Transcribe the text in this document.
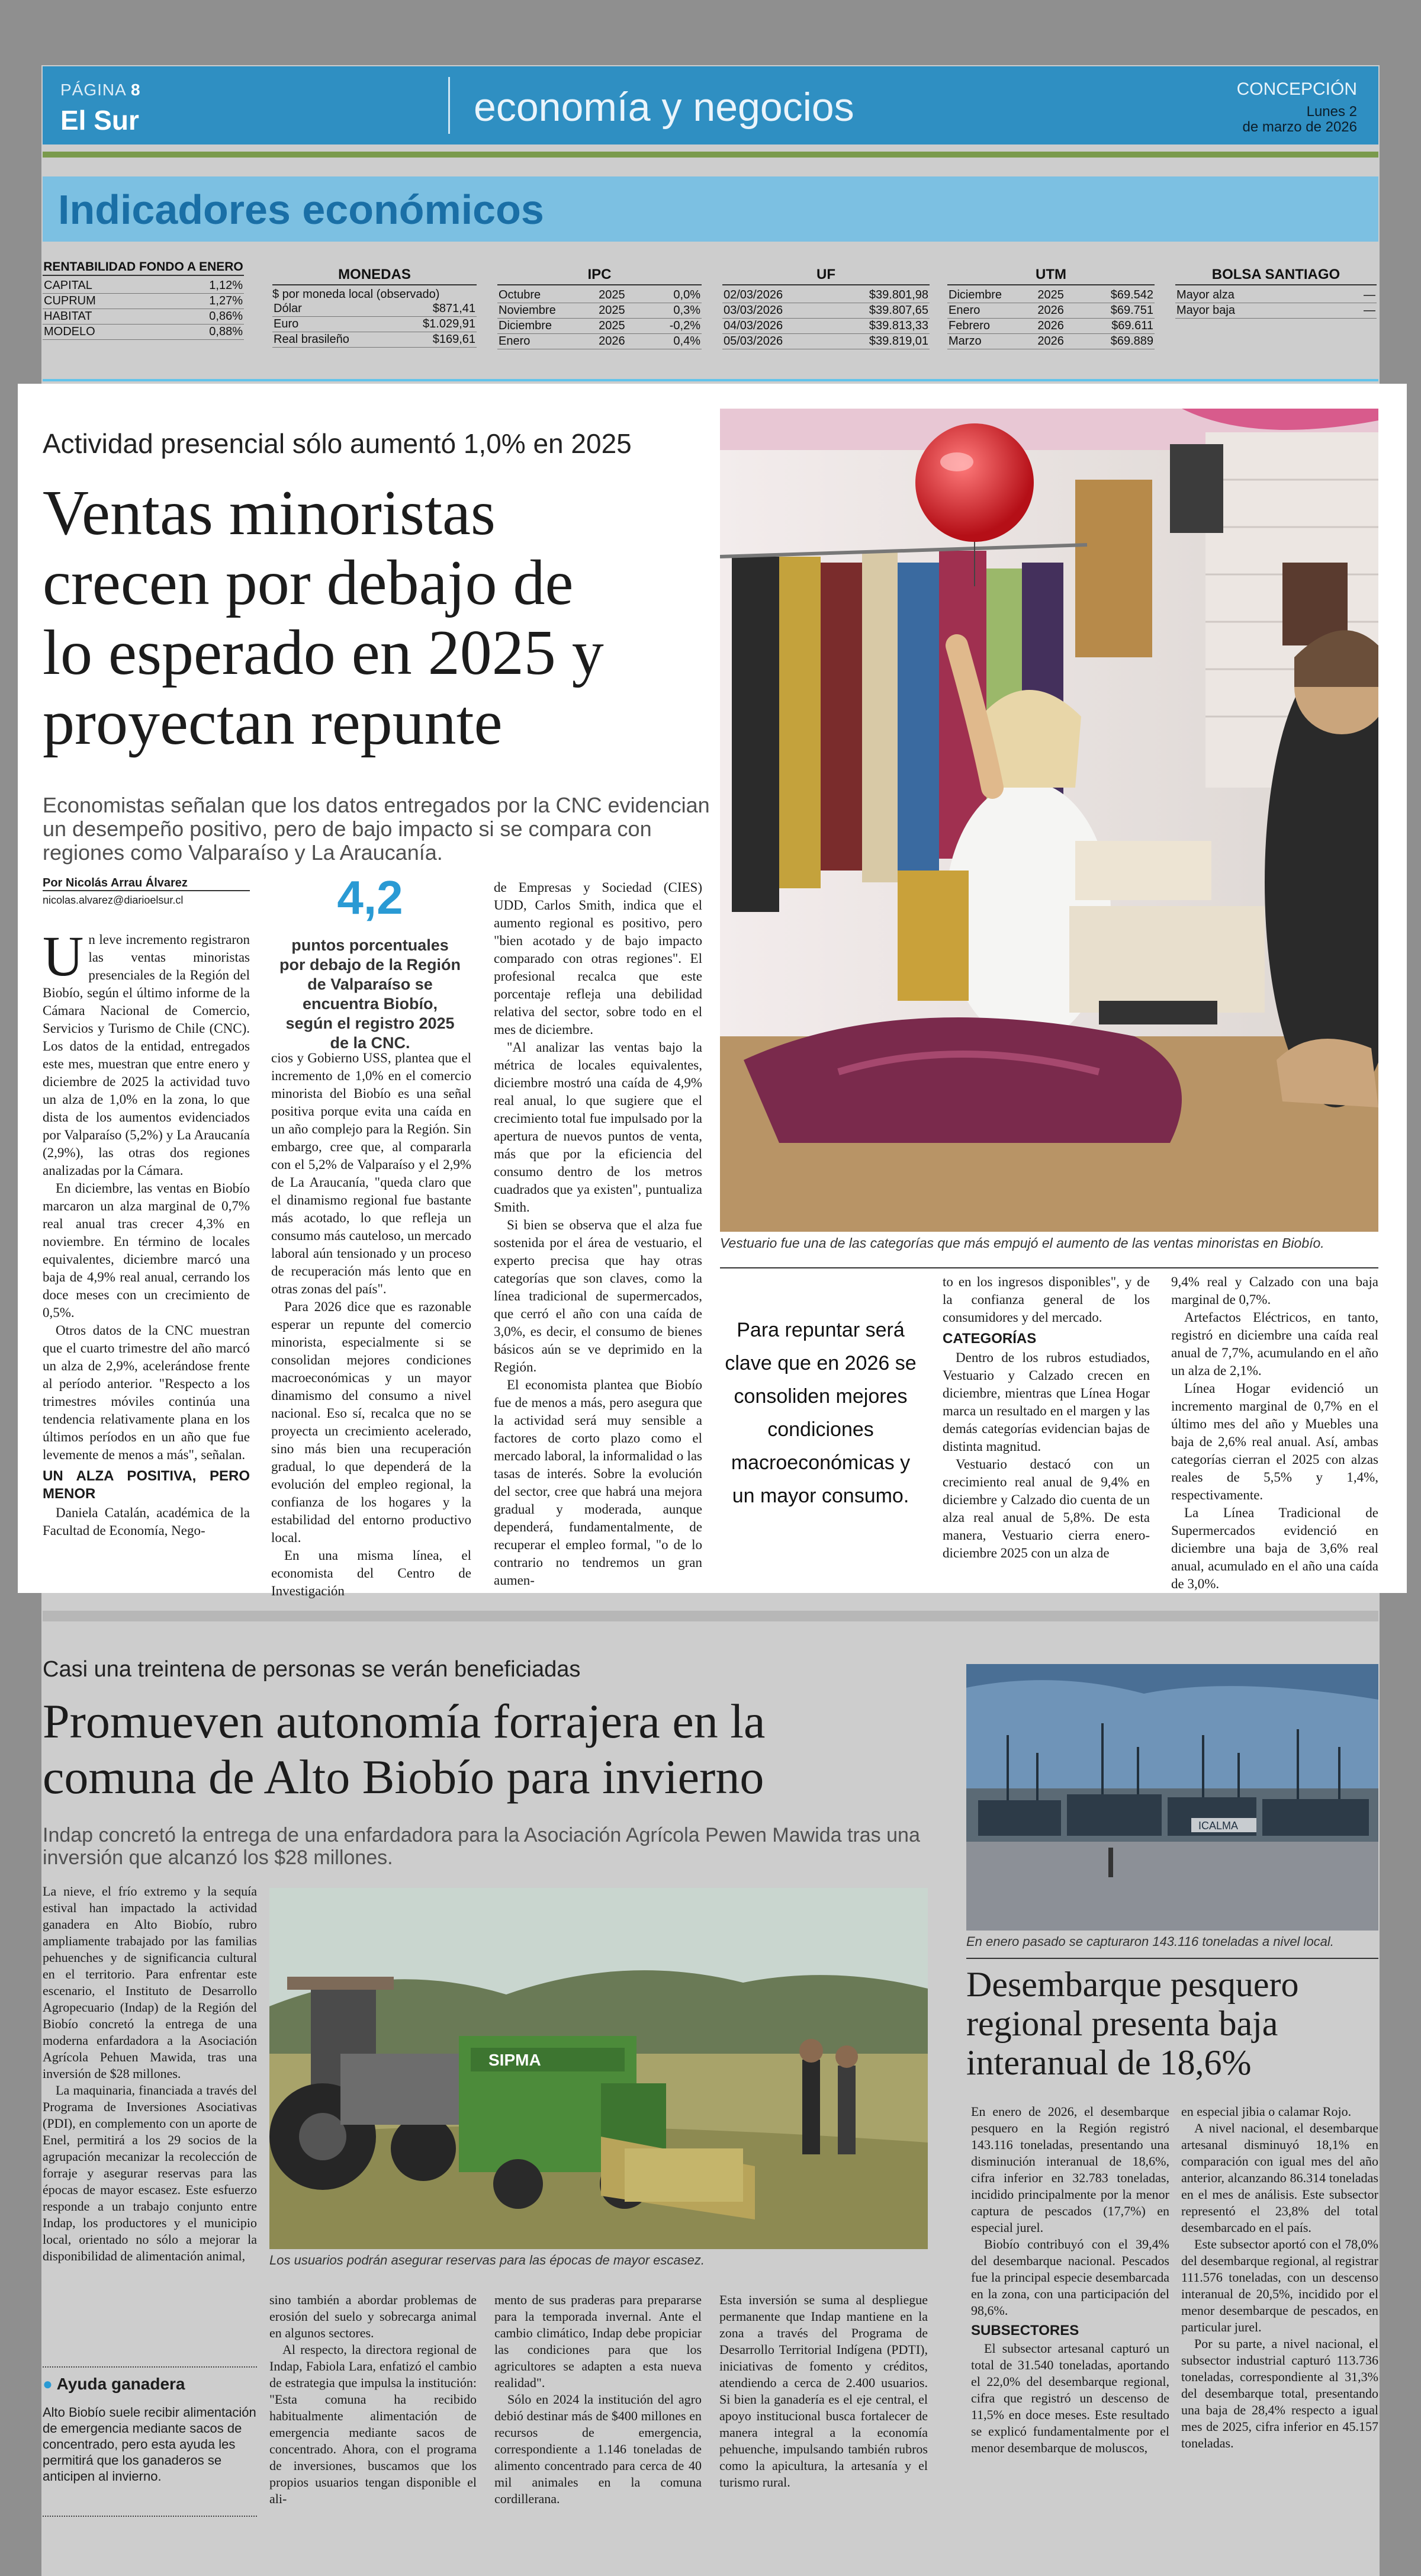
PÁGINA 8
El Sur	economía y negocios	CONCEPCIÓN
Lunes 2
de marzo de 2026
Indicadores económicos
RENTABILIDAD FONDO A ENERO
CAPITAL	1,12%
CUPRUM	1,27%
HABITAT	0,86%
MODELO	0,88%
MONEDAS
$ por moneda local (observado)
Dólar	$871,41
Euro	$1.029,91
Real brasileño	$169,61
IPC
Octubre	2025	0,0%
Noviembre	2025	0,3%
Diciembre	2025	-0,2%
Enero	2026	0,4%
UF
02/03/2026	$39.801,98
03/03/2026	$39.807,65
04/03/2026	$39.813,33
05/03/2026	$39.819,01
UTM
Diciembre	2025	$69.542
Enero	2026	$69.751
Febrero	2026	$69.611
Marzo	2026	$69.889
BOLSA SANTIAGO
Mayor alza	—
Mayor baja	—
Actividad presencial sólo aumentó 1,0% en 2025
Ventas minoristas
crecen por debajo de
lo esperado en 2025 y
proyectan repunte
Economistas señalan que los datos entregados por la CNC evidencian un desempeño positivo, pero de bajo impacto si se compara con regiones como Valparaíso y La Araucanía.
Por Nicolás Arrau Álvarez
nicolas.alvarez@diarioelsur.cl	4,2
puntos porcentuales por debajo de la Región de Valparaíso se encuentra Biobío, según el registro 2025 de la CNC.

Un leve incremento registraron las ventas minoristas presenciales de la Región del Biobío, según el último informe de la Cámara Nacional de Comercio, Servicios y Turismo de Chile (CNC). Los datos de la entidad, entregados este mes, muestran que entre enero y diciembre de 2025 la actividad tuvo un alza de 1,0% en la zona, lo que dista de los aumentos evidenciados por Valparaíso (5,2%) y La Araucanía (2,9%), las otras dos regiones analizadas por la Cámara.

En diciembre, las ventas en Biobío marcaron un alza marginal de 0,7% real anual tras crecer 4,3% en noviembre. En término de locales equivalentes, diciembre marcó una baja de 4,9% real anual, cerrando los doce meses con un crecimiento de 0,5%.

Otros datos de la CNC muestran que el cuarto trimestre del año marcó un alza de 2,9%, acelerándose frente al período anterior. "Respecto a los trimestres móviles continúa una tendencia relativamente plana en los últimos períodos en un año que fue levemente de menos a más", señalan.

UN ALZA POSITIVA, PERO MENOR

Daniela Catalán, académica de la Facultad de Economía, Nego-

cios y Gobierno USS, plantea que el incremento de 1,0% en el comercio minorista del Biobío es una señal positiva porque evita una caída en un año complejo para la Región. Sin embargo, cree que, al compararla con el 5,2% de Valparaíso y el 2,9% de La Araucanía, "queda claro que el dinamismo regional fue bastante más acotado, lo que refleja un consumo más cauteloso, un mercado laboral aún tensionado y un proceso de recuperación más lento que en otras zonas del país".

Para 2026 dice que es razonable esperar un repunte del comercio minorista, especialmente si se consolidan mejores condiciones macroeconómicas y un mayor dinamismo del consumo a nivel nacional. Eso sí, recalca que no se proyecta un crecimiento acelerado, sino más bien una recuperación gradual, lo que dependerá de la evolución del empleo regional, la confianza de los hogares y la estabilidad del entorno productivo local.

En una misma línea, el economista del Centro de Investigación

de Empresas y Sociedad (CIES) UDD, Carlos Smith, indica que el aumento regional es positivo, pero "bien acotado y de bajo impacto comparado con otras regiones". El profesional recalca que este porcentaje refleja una debilidad relativa del sector, sobre todo en el mes de diciembre.

"Al analizar las ventas bajo la métrica de locales equivalentes, diciembre mostró una caída de 4,9% real anual, lo que sugiere que el crecimiento total fue impulsado por la apertura de nuevos puntos de venta, más que por la eficiencia del consumo dentro de los metros cuadrados que ya existen", puntualiza Smith.

Si bien se observa que el alza fue sostenida por el área de vestuario, el experto precisa que hay otras categorías que son claves, como la línea tradicional de supermercados, que cerró el año con una caída de 3,0%, es decir, el consumo de bienes básicos aún se ve deprimido en la Región.

El economista plantea que Biobío fue de menos a más, pero asegura que la actividad será muy sensible a factores de corto plazo como el mercado laboral, la informalidad o las tasas de interés. Sobre la evolución del sector, cree que habrá una mejora gradual y moderada, aunque dependerá, fundamentalmente, de recuperar el empleo formal, "o de lo contrario no tendremos un gran aumen-

Vestuario fue una de las categorías que más empujó el aumento de las ventas minoristas en Biobío.
Para repuntar será clave que en 2026 se consoliden mejores condiciones macroeconómicas y un mayor consumo.

to en los ingresos disponibles", y de la confianza general de los consumidores y del mercado.

CATEGORÍAS

Dentro de los rubros estudiados, Vestuario y Calzado crecen en diciembre, mientras que Línea Hogar marca un resultado en el margen y las demás categorías evidencian bajas de distinta magnitud.

Vestuario destacó con un crecimiento real anual de 9,4% en diciembre y Calzado dio cuenta de un alza real anual de 5,8%. De esta manera, Vestuario cierra enero-diciembre 2025 con un alza de

9,4% real y Calzado con una baja marginal de 0,7%.

Artefactos Eléctricos, en tanto, registró en diciembre una caída real anual de 7,7%, acumulando en el año un alza de 2,1%.

Línea Hogar evidenció un incremento marginal de 0,7% en el último mes del año y Muebles una baja de 2,6% real anual. Así, ambas categorías cierran el 2025 con alzas reales de 5,5% y 1,4%, respectivamente.

La Línea Tradicional de Supermercados evidenció en diciembre una baja de 3,6% real anual, acumulado en el año una caída de 3,0%.

Casi una treintena de personas se verán beneficiadas
Promueven autonomía forrajera en la
comuna de Alto Biobío para invierno
Indap concretó la entrega de una enfardadora para la Asociación Agrícola Pewen Mawida tras una inversión que alcanzó los $28 millones.

La nieve, el frío extremo y la sequía estival han impactado la actividad ganadera en Alto Biobío, rubro ampliamente trabajado por las familias pehuenches y de significancia cultural en el territorio. Para enfrentar este escenario, el Instituto de Desarrollo Agropecuario (Indap) de la Región del Biobío concretó la entrega de una moderna enfardadora a la Asociación Agrícola Pehuen Mawida, tras una inversión de $28 millones.

La maquinaria, financiada a través del Programa de Inversiones Asociativas (PDI), en complemento con un aporte de Enel, permitirá a los 29 socios de la agrupación mecanizar la recolección de forraje y asegurar reservas para las épocas de mayor escasez. Este esfuerzo responde a un trabajo conjunto entre Indap, los productores y el municipio local, orientado no sólo a mejorar la disponibilidad de alimentación animal,

SIPMA
Los usuarios podrán asegurar reservas para las épocas de mayor escasez.

sino también a abordar problemas de erosión del suelo y sobrecarga animal en algunos sectores.

Al respecto, la directora regional de Indap, Fabiola Lara, enfatizó el cambio de estrategia que impulsa la institución: "Esta comuna ha recibido habitualmente alimentación de emergencia mediante sacos de concentrado. Ahora, con el programa de inversiones, buscamos que los propios usuarios tengan disponible el ali-

mento de sus praderas para prepararse para la temporada invernal. Ante el cambio climático, Indap debe propiciar las condiciones para que los agricultores se adapten a esta nueva realidad".

Sólo en 2024 la institución del agro debió destinar más de $400 millones en recursos de emergencia, correspondiente a 1.146 toneladas de alimento concentrado para cerca de 40 mil animales en la comuna cordillerana.

Esta inversión se suma al despliegue permanente que Indap mantiene en la zona a través del Programa de Desarrollo Territorial Indígena (PDTI), iniciativas de fomento y créditos, atendiendo a cerca de 2.400 usuarios. Si bien la ganadería es el eje central, el apoyo institucional busca fortalecer de manera integral a la economía pehuenche, impulsando también rubros como la apicultura, la artesanía y el turismo rural.

● Ayuda ganadera
Alto Biobío suele recibir alimentación de emergencia mediante sacos de concentrado, pero esta ayuda les permitirá que los ganaderos se anticipen al invierno.
ICALMA
En enero pasado se capturaron 143.116 toneladas a nivel local.
Desembarque pesquero
regional presenta baja
interanual de 18,6%

En enero de 2026, el desembarque pesquero en la Región registró 143.116 toneladas, presentando una disminución interanual de 18,6%, cifra inferior en 32.783 toneladas, incidido principalmente por la menor captura de pescados (17,7%) en especial jurel.

Biobío contribuyó con el 39,4% del desembarque nacional. Pescados fue la principal especie desembarcada en la zona, con una participación del 98,6%.

SUBSECTORES

El subsector artesanal capturó un total de 31.540 toneladas, aportando el 22,0% del desembarque regional, cifra que registró un descenso de 11,5% en doce meses. Este resultado se explicó fundamentalmente por el menor desembarque de moluscos,

en especial jibia o calamar Rojo.

A nivel nacional, el desembarque artesanal disminuyó 18,1% en comparación con igual mes del año anterior, alcanzando 86.314 toneladas en el mes de análisis. Este subsector representó el 23,8% del total desembarcado en el país.

Este subsector aportó con el 78,0% del desembarque regional, al registrar 111.576 toneladas, con un descenso interanual de 20,5%, incidido por el menor desembarque de pescados, en particular jurel.

Por su parte, a nivel nacional, el subsector industrial capturó 113.736 toneladas, correspondiente al 31,3% del desembarque total, presentando una baja de 28,4% respecto a igual mes de 2025, cifra inferior en 45.157 toneladas.
